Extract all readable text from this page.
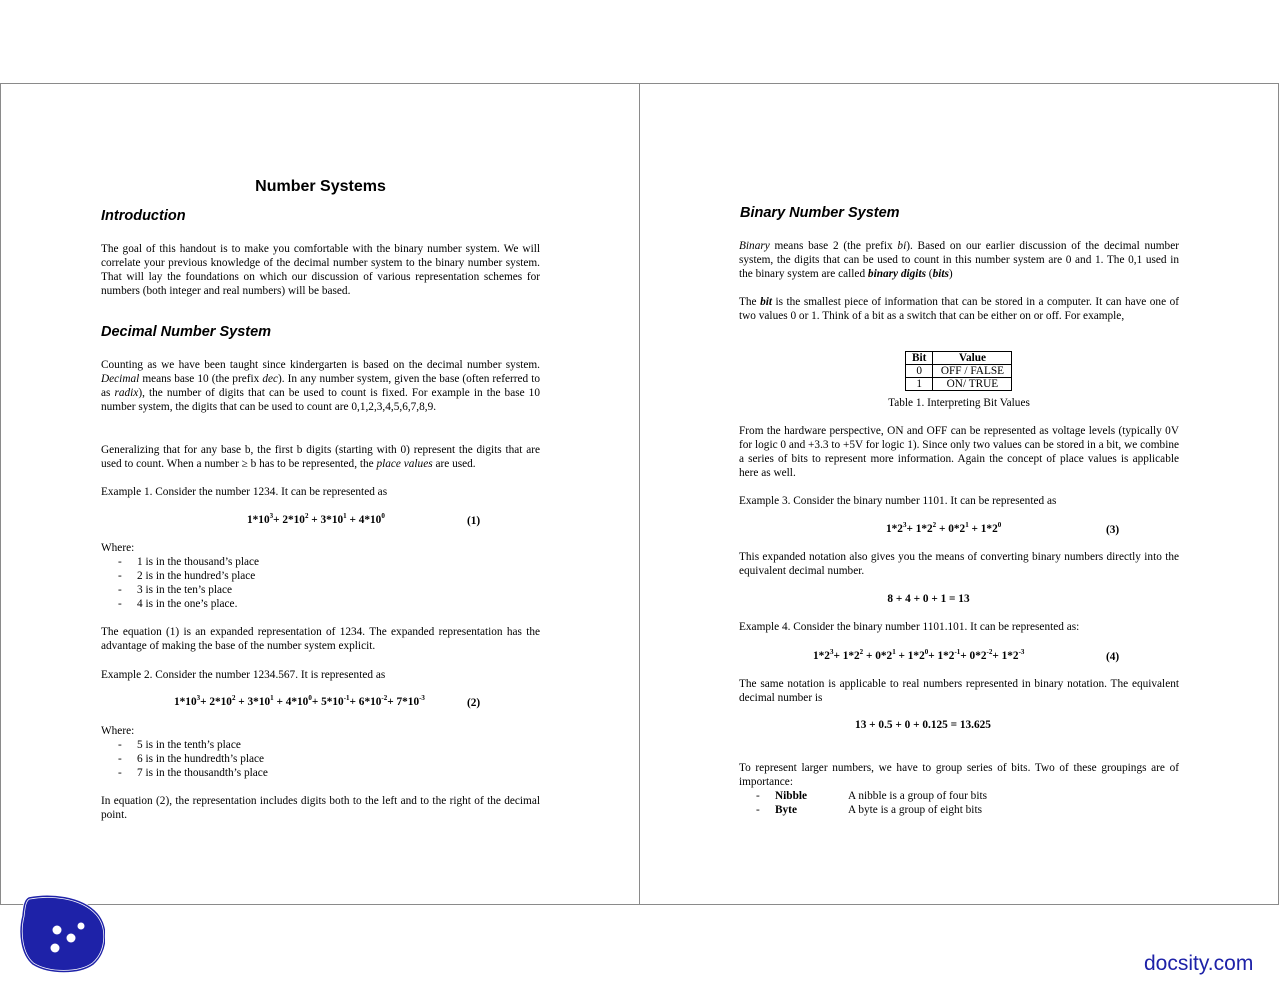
Number Systems
Introduction
The goal of this handout is to make you comfortable with the binary number system. We will correlate your previous knowledge of the decimal number system to the binary number system. That will lay the foundations on which our discussion of various representation schemes for numbers (both integer and real numbers) will be based.
Decimal Number System
Counting as we have been taught since kindergarten is based on the decimal number system. Decimal means base 10 (the prefix dec). In any number system, given the base (often referred to as radix), the number of digits that can be used to count is fixed. For example in the base 10 number system, the digits that can be used to count are 0,1,2,3,4,5,6,7,8,9.
Generalizing that for any base b, the first b digits (starting with 0) represent the digits that are used to count. When a number ≥ b has to be represented, the place values are used.
Example 1. Consider the number 1234. It can be represented as
$1*10^3+ 2*10^2 + 3*10^1 + 4*10^0$	(1)
Where:
- 1 is in the thousand’s place
- 2 is in the hundred’s place
- 3 is in the ten’s place
- 4 is in the one’s place.
The equation (1) is an expanded representation of 1234. The expanded representation has the advantage of making the base of the number system explicit.
Example 2. Consider the number 1234.567. It is represented as
$1*10^3+ 2*10^2 + 3*10^1 + 4*10^0+ 5*10^{-1}+ 6*10^{-2}+ 7*10^{-3}$	(2)
Where:
- 5 is in the tenth’s place
- 6 is in the hundredth’s place
- 7 is in the thousandth’s place
In equation (2), the representation includes digits both to the left and to the right of the decimal point.
Binary Number System
Binary means base 2 (the prefix bi). Based on our earlier discussion of the decimal number system, the digits that can be used to count in this number system are 0 and 1. The 0,1 used in the binary system are called binary digits (bits)
The bit is the smallest piece of information that can be stored in a computer. It can have one of two values 0 or 1. Think of a bit as a switch that can be either on or off. For example,
Bit	Value
0	OFF / FALSE
1	ON/ TRUE
Table 1. Interpreting Bit Values
From the hardware perspective, ON and OFF can be represented as voltage levels (typically 0V for logic 0 and +3.3 to +5V for logic 1). Since only two values can be stored in a bit, we combine a series of bits to represent more information. Again the concept of place values is applicable here as well.
Example 3. Consider the binary number 1101. It can be represented as
$1*2^3+ 1*2^2 + 0*2^1 + 1*2^0$	(3)
This expanded notation also gives you the means of converting binary numbers directly into the equivalent decimal number.
8 + 4 + 0 + 1 = 13
Example 4. Consider the binary number 1101.101. It can be represented as:
$1*2^3+ 1*2^2 + 0*2^1 + 1*2^0+ 1*2^{-1}+ 0*2^{-2}+ 1*2^{-3}$	(4)
The same notation is applicable to real numbers represented in binary notation. The equivalent decimal number is
13 + 0.5 + 0 + 0.125 = 13.625
To represent larger numbers, we have to group series of bits. Two of these groupings are of importance:
- Nibble	A nibble is a group of four bits
- Byte	A byte is a group of eight bits
docsity.com
